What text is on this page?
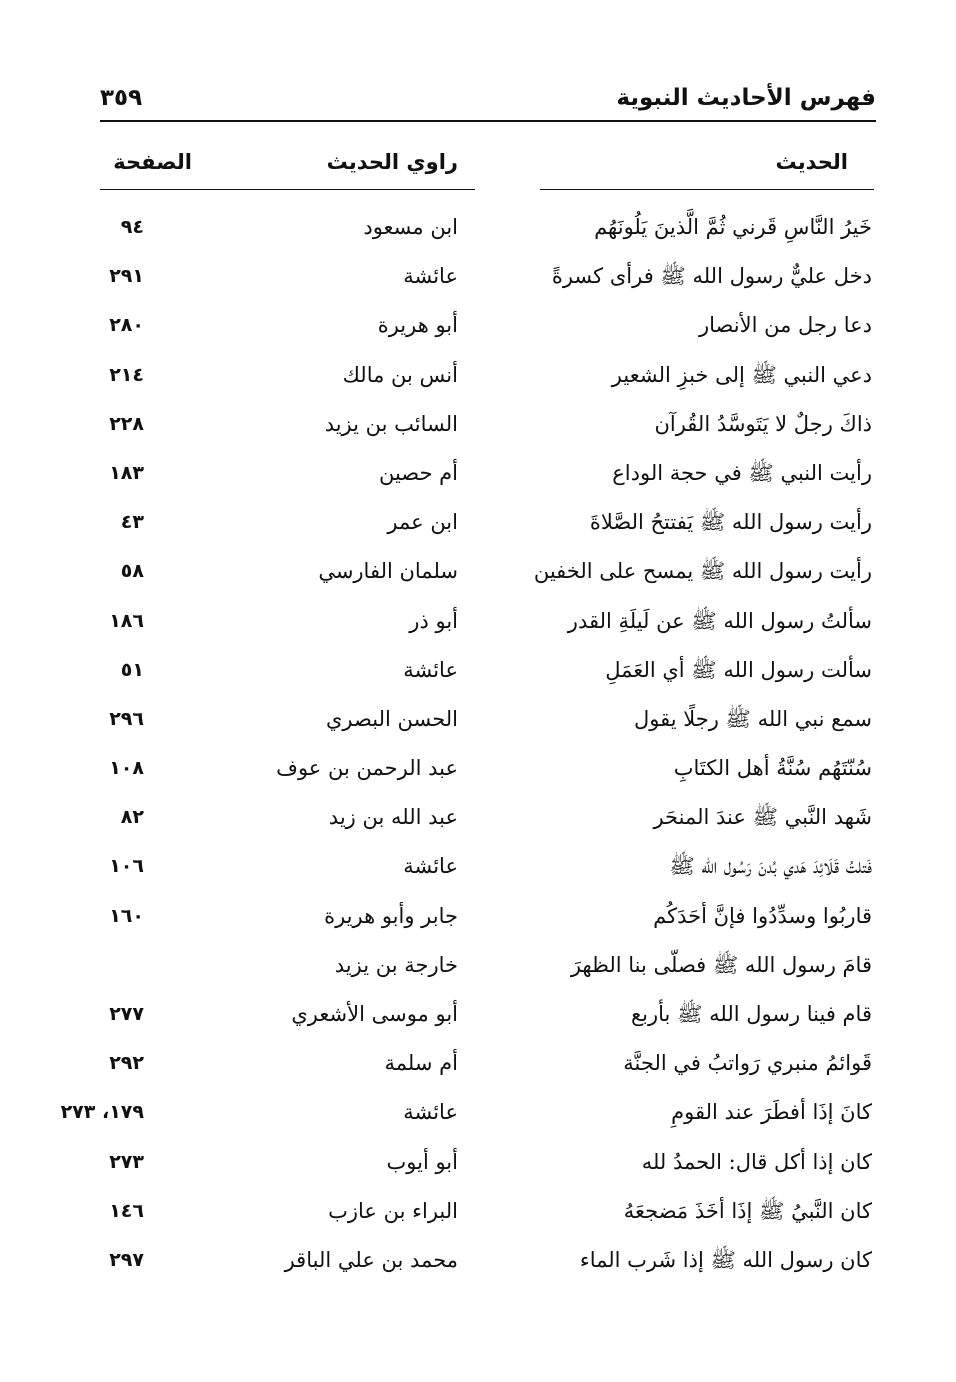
فهرس الأحاديث النبوية
٣٥٩
الحديث
راوي الحديث
الصفحة
خَيرُ النَّاسِ قَرني ثُمَّ الَّذينَ يَلُونَهُم
ابن مسعود
٩٤
دخل عليٌّ رسول الله ﷺ فرأى كسرةً
عائشة
٢٩١
دعا رجل من الأنصار
أبو هريرة
٢٨٠
دعي النبي ﷺ إلى خبزِ الشعير
أنس بن مالك
٢١٤
ذاكَ رجلٌ لا يَتَوسَّدُ القُرآن
السائب بن يزيد
٢٢٨
رأيت النبي ﷺ في حجة الوداع
أم حصين
١٨٣
رأيت رسول الله ﷺ يَفتتحُ الصَّلاةَ
ابن عمر
٤٣
رأيت رسول الله ﷺ يمسح على الخفين
سلمان الفارسي
٥٨
سألتُ رسول الله ﷺ عن لَيلَةِ القدر
أبو ذر
١٨٦
سألت رسول الله ﷺ أي العَمَلِ
عائشة
٥١
سمع نبي الله ﷺ رجلًا يقول
الحسن البصري
٢٩٦
سُنّتَهُم سُنَّةُ أهل الكتَابِ
عبد الرحمن بن عوف
١٠٨
شَهد النَّبي ﷺ عندَ المنحَر
عبد الله بن زيد
٨٢
فَتلتُ قَلَائِدَ هَدي بُدنَ رَسُول الله ﷺ
عائشة
١٠٦
قاربُوا وسدِّدُوا فإنَّ أحَدَكُم
جابر وأبو هريرة
١٦٠
قامَ رسول الله ﷺ فصلّى بنا الظهرَ
خارجة بن يزيد
قام فينا رسول الله ﷺ بأربع
أبو موسى الأشعري
٢٧٧
قَوائمُ منبري رَواتبُ في الجنَّة
أم سلمة
٢٩٢
كانَ إذَا أفطَرَ عند القومِ
عائشة
١٧٩، ٢٧٣
كان إذا أكل قال: الحمدُ لله
أبو أيوب
٢٧٣
كان النَّبيُ ﷺ إذَا أخَذَ مَضجعَهُ
البراء بن عازب
١٤٦
كان رسول الله ﷺ إذا شَرب الماء
محمد بن علي الباقر
٢٩٧
